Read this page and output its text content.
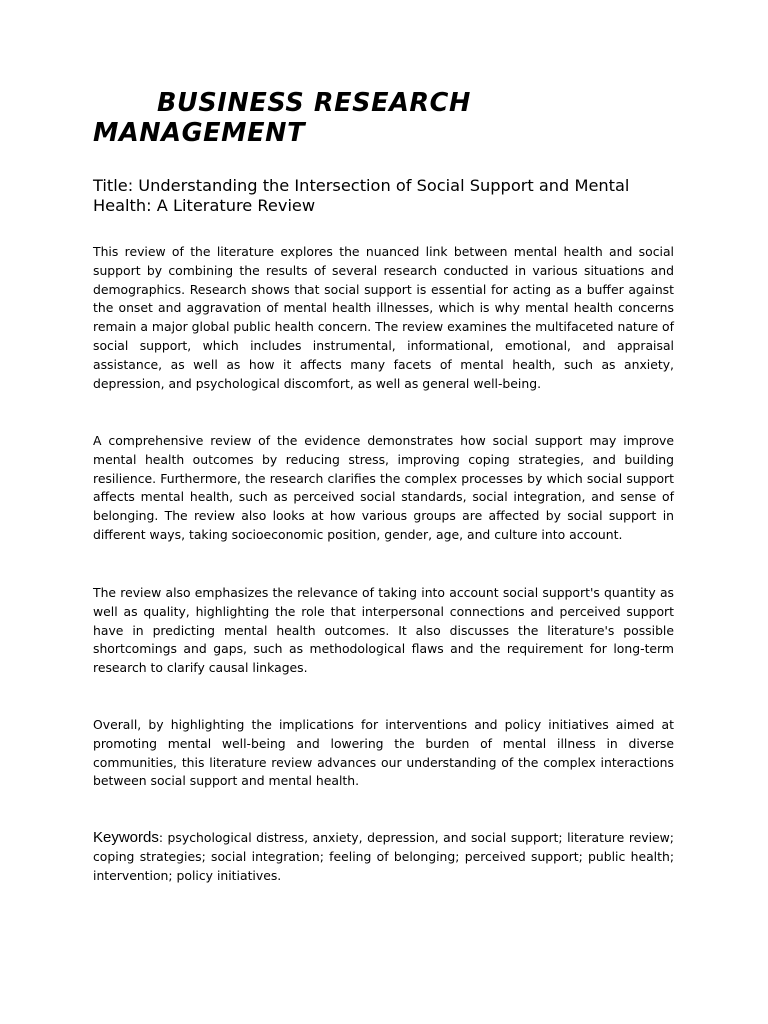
BUSINESS RESEARCH
MANAGEMENT
Title: Understanding the Intersection of Social Support and Mental Health: A Literature Review

This review of the literature explores the nuanced link between mental health and social support by combining the results of several research conducted in various situations and demographics. Research shows that social support is essential for acting as a buffer against the onset and aggravation of mental health illnesses, which is why mental health concerns remain a major global public health concern. The review examines the multifaceted nature of social support, which includes instrumental, informational, emotional, and appraisal assistance, as well as how it affects many facets of mental health, such as anxiety, depression, and psychological discomfort, as well as general well-being.

A comprehensive review of the evidence demonstrates how social support may improve mental health outcomes by reducing stress, improving coping strategies, and building resilience. Furthermore, the research clarifies the complex processes by which social support affects mental health, such as perceived social standards, social integration, and sense of belonging. The review also looks at how various groups are affected by social support in different ways, taking socioeconomic position, gender, age, and culture into account.

The review also emphasizes the relevance of taking into account social support's quantity as well as quality, highlighting the role that interpersonal connections and perceived support have in predicting mental health outcomes. It also discusses the literature's possible shortcomings and gaps, such as methodological flaws and the requirement for long-term research to clarify causal linkages.

Overall, by highlighting the implications for interventions and policy initiatives aimed at promoting mental well-being and lowering the burden of mental illness in diverse communities, this literature review advances our understanding of the complex interactions between social support and mental health.

Keywords: psychological distress, anxiety, depression, and social support; literature review; coping strategies; social integration; feeling of belonging; perceived support; public health; intervention; policy initiatives.
